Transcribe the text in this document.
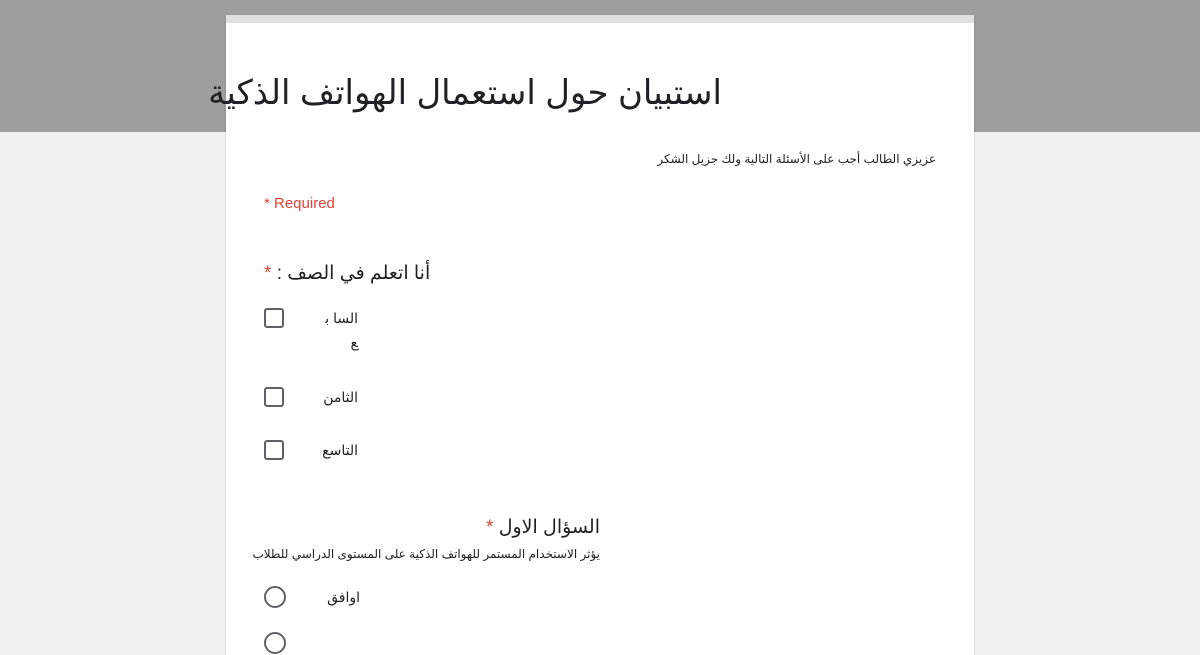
استبيان حول استعمال الهواتف الذكية
عزيزي الطالب أجب على الأسئلة التالية ولك جزيل الشكر
* Required
* أنا اتعلم في الصف :
السا بع
الثامن
التاسع
* السؤال الاول
يؤثر الاستخدام المستمر للهواتف الذكية على المستوى الدراسي للطلاب
اوافق
